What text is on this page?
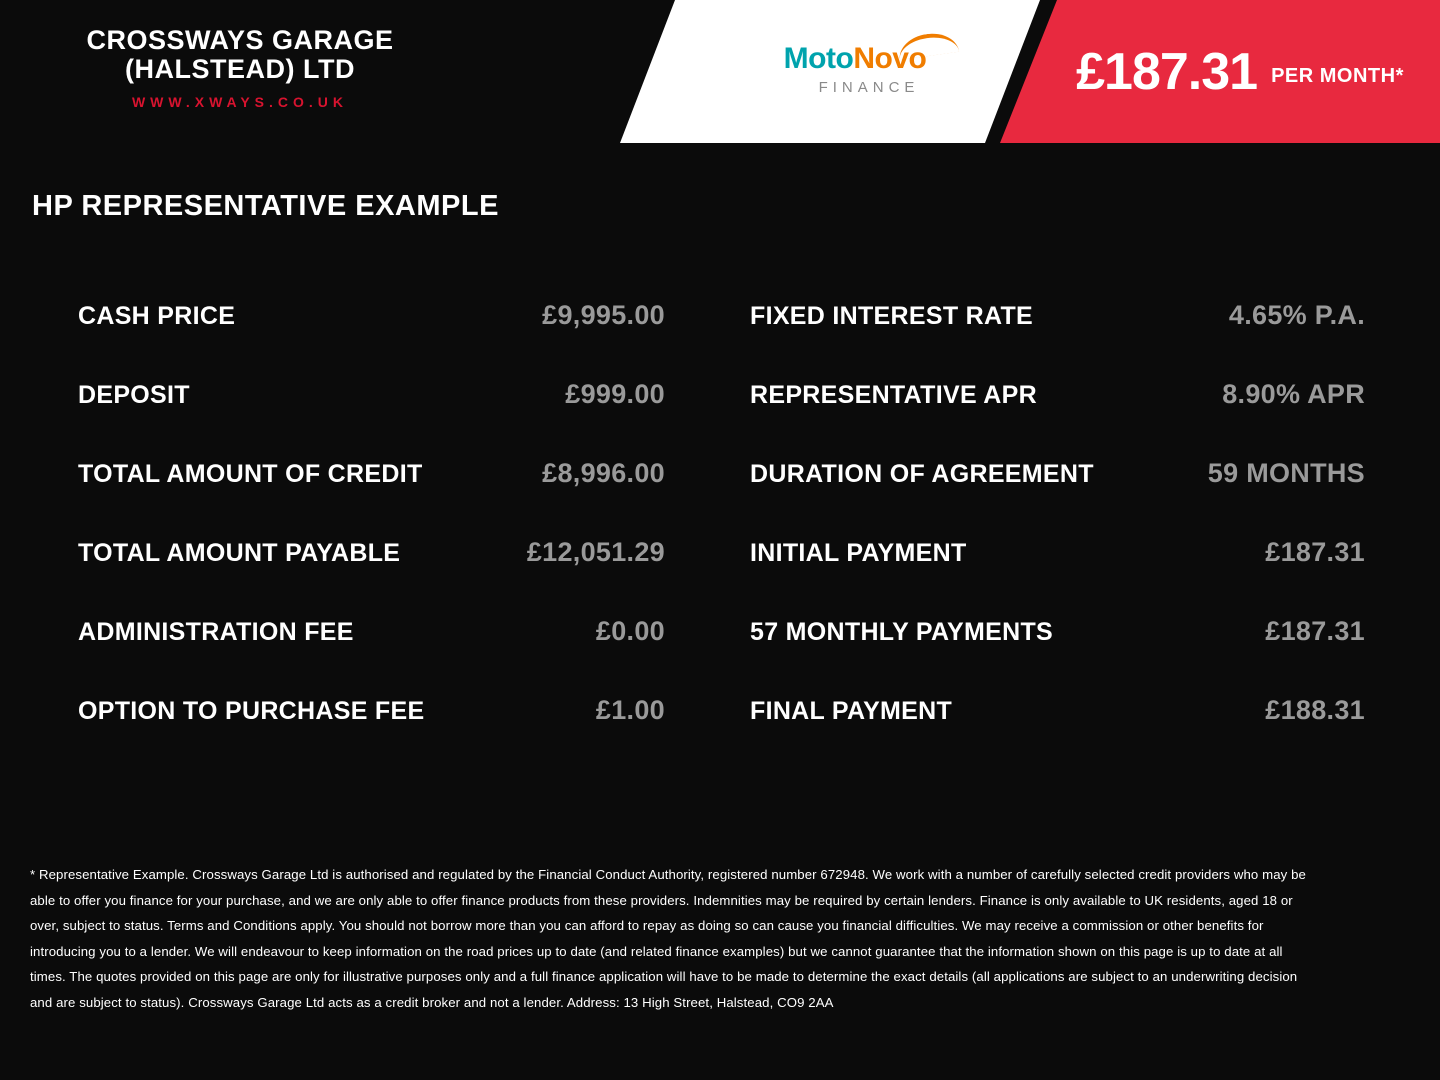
CROSSWAYS GARAGE
(HALSTEAD) LTD
WWW.XWAYS.CO.UK
MotoNovo
FINANCE	£187.31 PER MONTH*
HP REPRESENTATIVE EXAMPLE
CASH PRICE	£9,995.00
DEPOSIT	£999.00
TOTAL AMOUNT OF CREDIT	£8,996.00
TOTAL AMOUNT PAYABLE	£12,051.29
ADMINISTRATION FEE	£0.00
OPTION TO PURCHASE FEE	£1.00
FIXED INTEREST RATE	4.65% P.A.
REPRESENTATIVE APR	8.90% APR
DURATION OF AGREEMENT	59 MONTHS
INITIAL PAYMENT	£187.31
57 MONTHLY PAYMENTS	£187.31
FINAL PAYMENT	£188.31
* Representative Example. Crossways Garage Ltd is authorised and regulated by the Financial Conduct Authority, registered number 672948. We work with a number of carefully selected credit providers who may be able to offer you finance for your purchase, and we are only able to offer finance products from these providers. Indemnities may be required by certain lenders. Finance is only available to UK residents, aged 18 or over, subject to status. Terms and Conditions apply. You should not borrow more than you can afford to repay as doing so can cause you financial difficulties. We may receive a commission or other benefits for introducing you to a lender. We will endeavour to keep information on the road prices up to date (and related finance examples) but we cannot guarantee that the information shown on this page is up to date at all times. The quotes provided on this page are only for illustrative purposes only and a full finance application will have to be made to determine the exact details (all applications are subject to an underwriting decision and are subject to status). Crossways Garage Ltd acts as a credit broker and not a lender. Address: 13 High Street, Halstead, CO9 2AA
